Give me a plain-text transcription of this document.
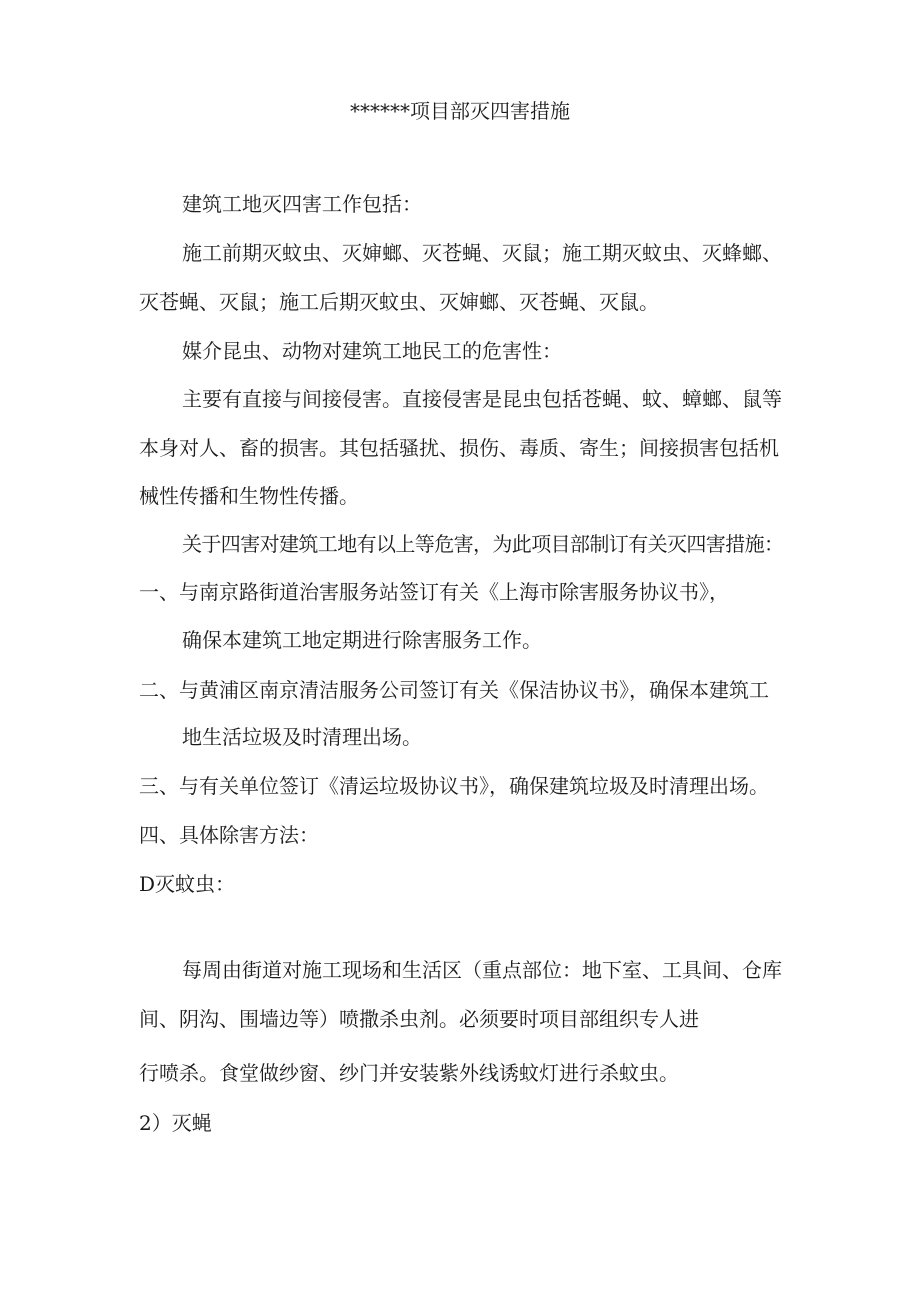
******项目部灭四害措施
建筑工地灭四害工作包括：
施工前期灭蚊虫、灭婶螂、灭苍蝇、灭鼠；施工期灭蚊虫、灭蜂螂、
灭苍蝇、灭鼠；施工后期灭蚊虫、灭婶螂、灭苍蝇、灭鼠。
媒介昆虫、动物对建筑工地民工的危害性：
主要有直接与间接侵害。直接侵害是昆虫包括苍蝇、蚊、蟑螂、鼠等
本身对人、畜的损害。其包括骚扰、损伤、毒质、寄生；间接损害包括机
械性传播和生物性传播。
关于四害对建筑工地有以上等危害，为此项目部制订有关灭四害措施：
一、与南京路街道治害服务站签订有关《上海市除害服务协议书》，
确保本建筑工地定期进行除害服务工作。
二、与黄浦区南京清洁服务公司签订有关《保洁协议书》，确保本建筑工
地生活垃圾及时清理出场。
三、与有关单位签订《清运垃圾协议书》，确保建筑垃圾及时清理出场。
四、具体除害方法：
D灭蚊虫：
每周由街道对施工现场和生活区（重点部位：地下室、工具间、仓库
间、阴沟、围墙边等）喷撒杀虫剂。必须要时项目部组织专人进
行喷杀。食堂做纱窗、纱门并安装紫外线诱蚊灯进行杀蚊虫。
2）灭蝇
